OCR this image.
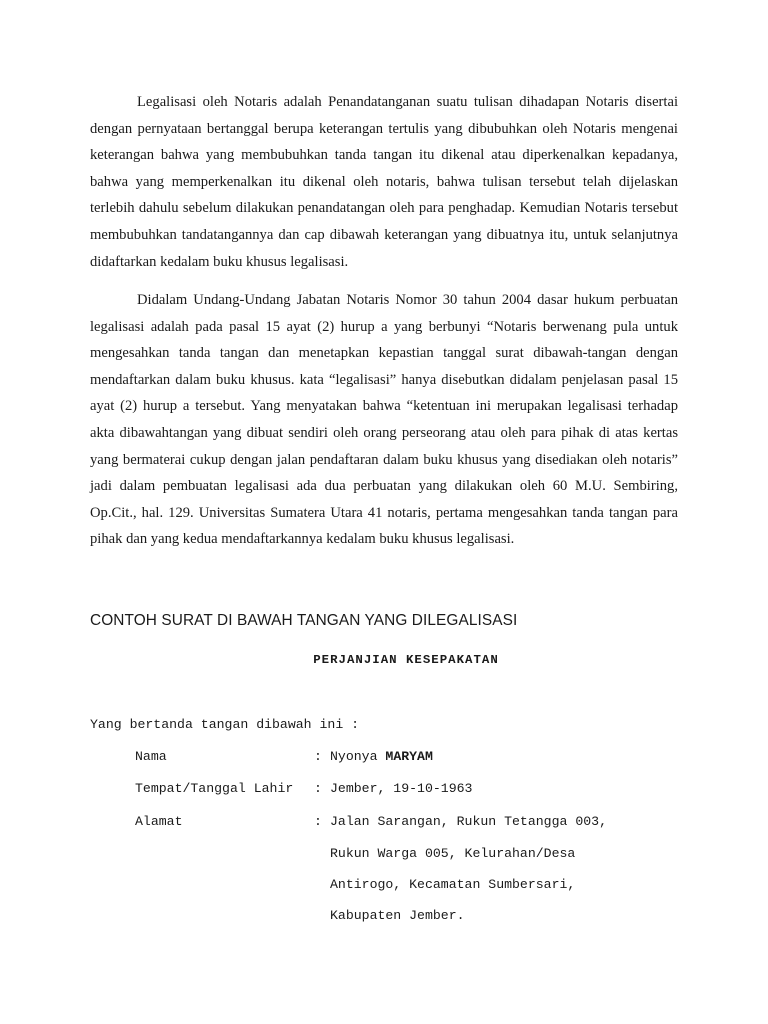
Legalisasi oleh Notaris adalah Penandatanganan suatu tulisan dihadapan Notaris disertai dengan pernyataan bertanggal berupa keterangan tertulis yang dibubuhkan oleh Notaris mengenai keterangan bahwa yang membubuhkan tanda tangan itu dikenal atau diperkenalkan kepadanya, bahwa yang memperkenalkan itu dikenal oleh notaris, bahwa tulisan tersebut telah dijelaskan terlebih dahulu sebelum dilakukan penandatangan oleh para penghadap. Kemudian Notaris tersebut membubuhkan tandatangannya dan cap dibawah keterangan yang dibuatnya itu, untuk selanjutnya didaftarkan kedalam buku khusus legalisasi.

Didalam Undang-Undang Jabatan Notaris Nomor 30 tahun 2004 dasar hukum perbuatan legalisasi adalah pada pasal 15 ayat (2) hurup a yang berbunyi “Notaris berwenang pula untuk mengesahkan tanda tangan dan menetapkan kepastian tanggal surat dibawah-tangan dengan mendaftarkan dalam buku khusus. kata “legalisasi” hanya disebutkan didalam penjelasan pasal 15 ayat (2) hurup a tersebut. Yang menyatakan bahwa “ketentuan ini merupakan legalisasi terhadap akta dibawahtangan yang dibuat sendiri oleh orang perseorang atau oleh para pihak di atas kertas yang bermaterai cukup dengan jalan pendaftaran dalam buku khusus yang disediakan oleh notaris” jadi dalam pembuatan legalisasi ada dua perbuatan yang dilakukan oleh 60 M.U. Sembiring, Op.Cit., hal. 129. Universitas Sumatera Utara 41 notaris, pertama mengesahkan tanda tangan para pihak dan yang kedua mendaftarkannya kedalam buku khusus legalisasi.

CONTOH SURAT DI BAWAH TANGAN YANG DILEGALISASI
PERJANJIAN KESEPAKATAN
Yang bertanda tangan dibawah ini :
Nama	: Nyonya MARYAM
Tempat/Tanggal Lahir : Jember, 19-10-1963
Alamat	: Jalan Sarangan, Rukun Tetangga 003,
Rukun Warga 005, Kelurahan/Desa
Antirogo, Kecamatan Sumbersari,
Kabupaten Jember.
